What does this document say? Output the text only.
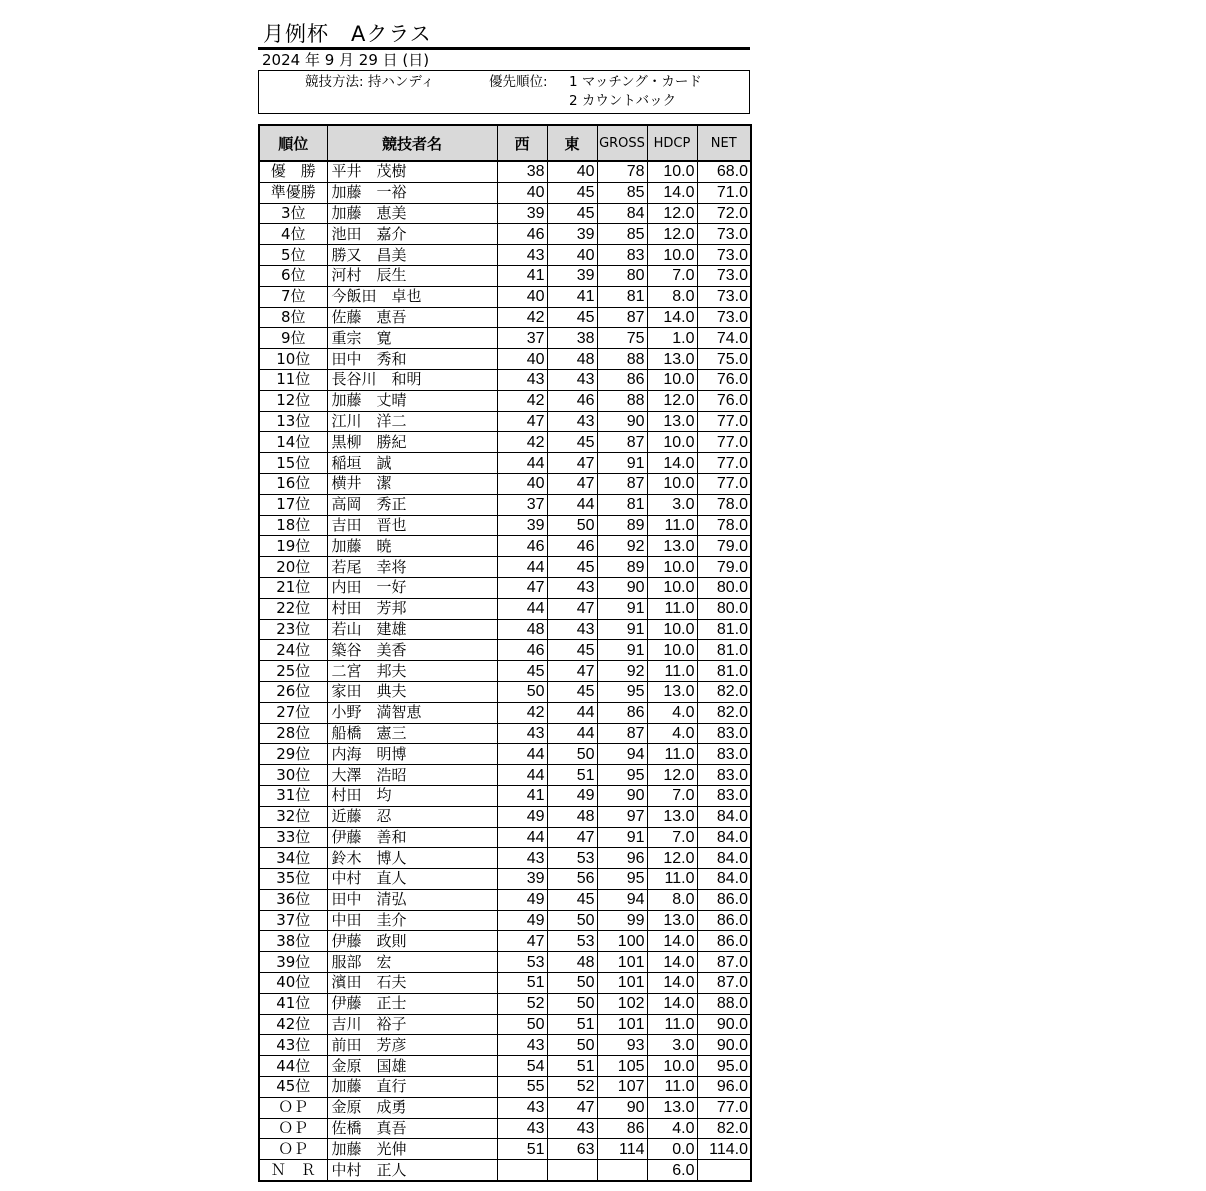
月例杯　Aクラス
2024 年 9 月 29 日 (日)
競技方法: 持ハンディ	優先順位: 1 マッチング・カード
2 カウントバック
順位	競技者名	西	東	GROSS	HDCP	NET
優　勝	平井　茂樹	38	40	78	10.0	68.0
準優勝	加藤　一裕	40	45	85	14.0	71.0
3位	加藤　恵美	39	45	84	12.0	72.0
4位	池田　嘉介	46	39	85	12.0	73.0
5位	勝又　昌美	43	40	83	10.0	73.0
6位	河村　辰生	41	39	80	7.0	73.0
7位	今飯田　卓也	40	41	81	8.0	73.0
8位	佐藤　恵吾	42	45	87	14.0	73.0
9位	重宗　寛	37	38	75	1.0	74.0
10位	田中　秀和	40	48	88	13.0	75.0
11位	長谷川　和明	43	43	86	10.0	76.0
12位	加藤　丈晴	42	46	88	12.0	76.0
13位	江川　洋二	47	43	90	13.0	77.0
14位	黒柳　勝紀	42	45	87	10.0	77.0
15位	稲垣　誠	44	47	91	14.0	77.0
16位	横井　潔	40	47	87	10.0	77.0
17位	高岡　秀正	37	44	81	3.0	78.0
18位	吉田　晋也	39	50	89	11.0	78.0
19位	加藤　暁	46	46	92	13.0	79.0
20位	若尾　幸将	44	45	89	10.0	79.0
21位	内田　一好	47	43	90	10.0	80.0
22位	村田　芳邦	44	47	91	11.0	80.0
23位	若山　建雄	48	43	91	10.0	81.0
24位	築谷　美香	46	45	91	10.0	81.0
25位	二宮　邦夫	45	47	92	11.0	81.0
26位	家田　典夫	50	45	95	13.0	82.0
27位	小野　満智恵	42	44	86	4.0	82.0
28位	船橋　憲三	43	44	87	4.0	83.0
29位	内海　明博	44	50	94	11.0	83.0
30位	大澤　浩昭	44	51	95	12.0	83.0
31位	村田　均	41	49	90	7.0	83.0
32位	近藤　忍	49	48	97	13.0	84.0
33位	伊藤　善和	44	47	91	7.0	84.0
34位	鈴木　博人	43	53	96	12.0	84.0
35位	中村　直人	39	56	95	11.0	84.0
36位	田中　清弘	49	45	94	8.0	86.0
37位	中田　圭介	49	50	99	13.0	86.0
38位	伊藤　政則	47	53	100	14.0	86.0
39位	服部　宏	53	48	101	14.0	87.0
40位	濱田　石夫	51	50	101	14.0	87.0
41位	伊藤　正士	52	50	102	14.0	88.0
42位	吉川　裕子	50	51	101	11.0	90.0
43位	前田　芳彦	43	50	93	3.0	90.0
44位	金原　国雄	54	51	105	10.0	95.0
45位	加藤　直行	55	52	107	11.0	96.0
ＯＰ	金原　成勇	43	47	90	13.0	77.0
ＯＰ	佐橋　真吾	43	43	86	4.0	82.0
ＯＰ	加藤　光伸	51	63	114	0.0	114.0
Ｎ　Ｒ	中村　正人				6.0	
